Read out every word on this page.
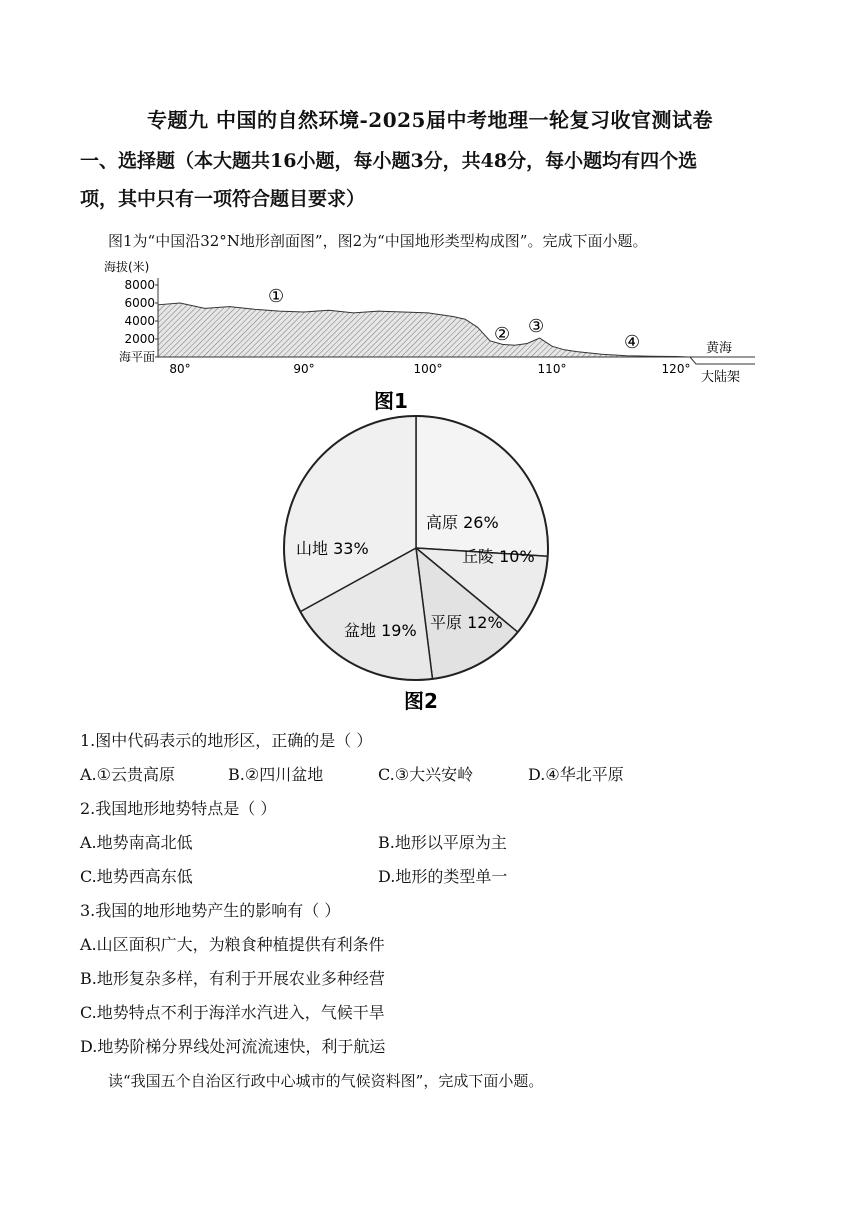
专题九 中国的自然环境-2025届中考地理一轮复习收官测试卷
一、选择题（本大题共16小题，每小题3分，共48分，每小题均有四个选
项，其中只有一项符合题目要求）
图1为“中国沿32°N地形剖面图”，图2为“中国地形类型构成图”。完成下面小题。
海拔(米)
8000
6000
4000
2000
海平面
黄海
大陆架
80°	90°	100°	110°	120°
①
② ③
④
图1
高原 26%
丘陵 10%
山地 33%
盆地 19% 平原 12%
图2
1.图中代码表示的地形区，正确的是（ ）
A.①云贵高原	B.②四川盆地	C.③大兴安岭	D.④华北平原
2.我国地形地势特点是（ ）
A.地势南高北低	B.地形以平原为主
C.地势西高东低	D.地形的类型单一
3.我国的地形地势产生的影响有（ ）
A.山区面积广大，为粮食种植提供有利条件
B.地形复杂多样，有利于开展农业多种经营
C.地势特点不利于海洋水汽进入，气候干旱
D.地势阶梯分界线处河流流速快，利于航运
读“我国五个自治区行政中心城市的气候资料图”，完成下面小题。
